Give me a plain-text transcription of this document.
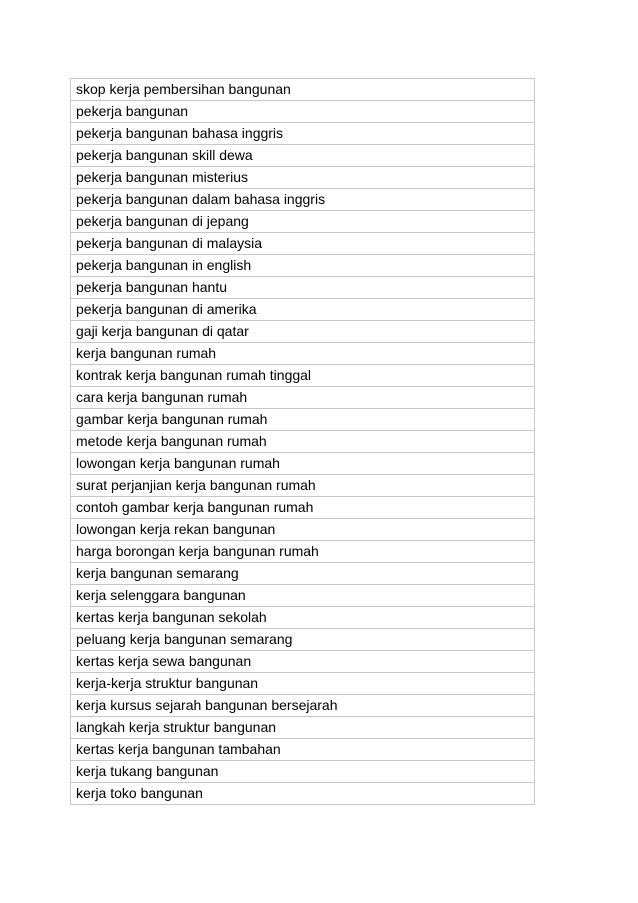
skop kerja pembersihan bangunan
pekerja bangunan
pekerja bangunan bahasa inggris
pekerja bangunan skill dewa
pekerja bangunan misterius
pekerja bangunan dalam bahasa inggris
pekerja bangunan di jepang
pekerja bangunan di malaysia
pekerja bangunan in english
pekerja bangunan hantu
pekerja bangunan di amerika
gaji kerja bangunan di qatar
kerja bangunan rumah
kontrak kerja bangunan rumah tinggal
cara kerja bangunan rumah
gambar kerja bangunan rumah
metode kerja bangunan rumah
lowongan kerja bangunan rumah
surat perjanjian kerja bangunan rumah
contoh gambar kerja bangunan rumah
lowongan kerja rekan bangunan
harga borongan kerja bangunan rumah
kerja bangunan semarang
kerja selenggara bangunan
kertas kerja bangunan sekolah
peluang kerja bangunan semarang
kertas kerja sewa bangunan
kerja-kerja struktur bangunan
kerja kursus sejarah bangunan bersejarah
langkah kerja struktur bangunan
kertas kerja bangunan tambahan
kerja tukang bangunan
kerja toko bangunan
